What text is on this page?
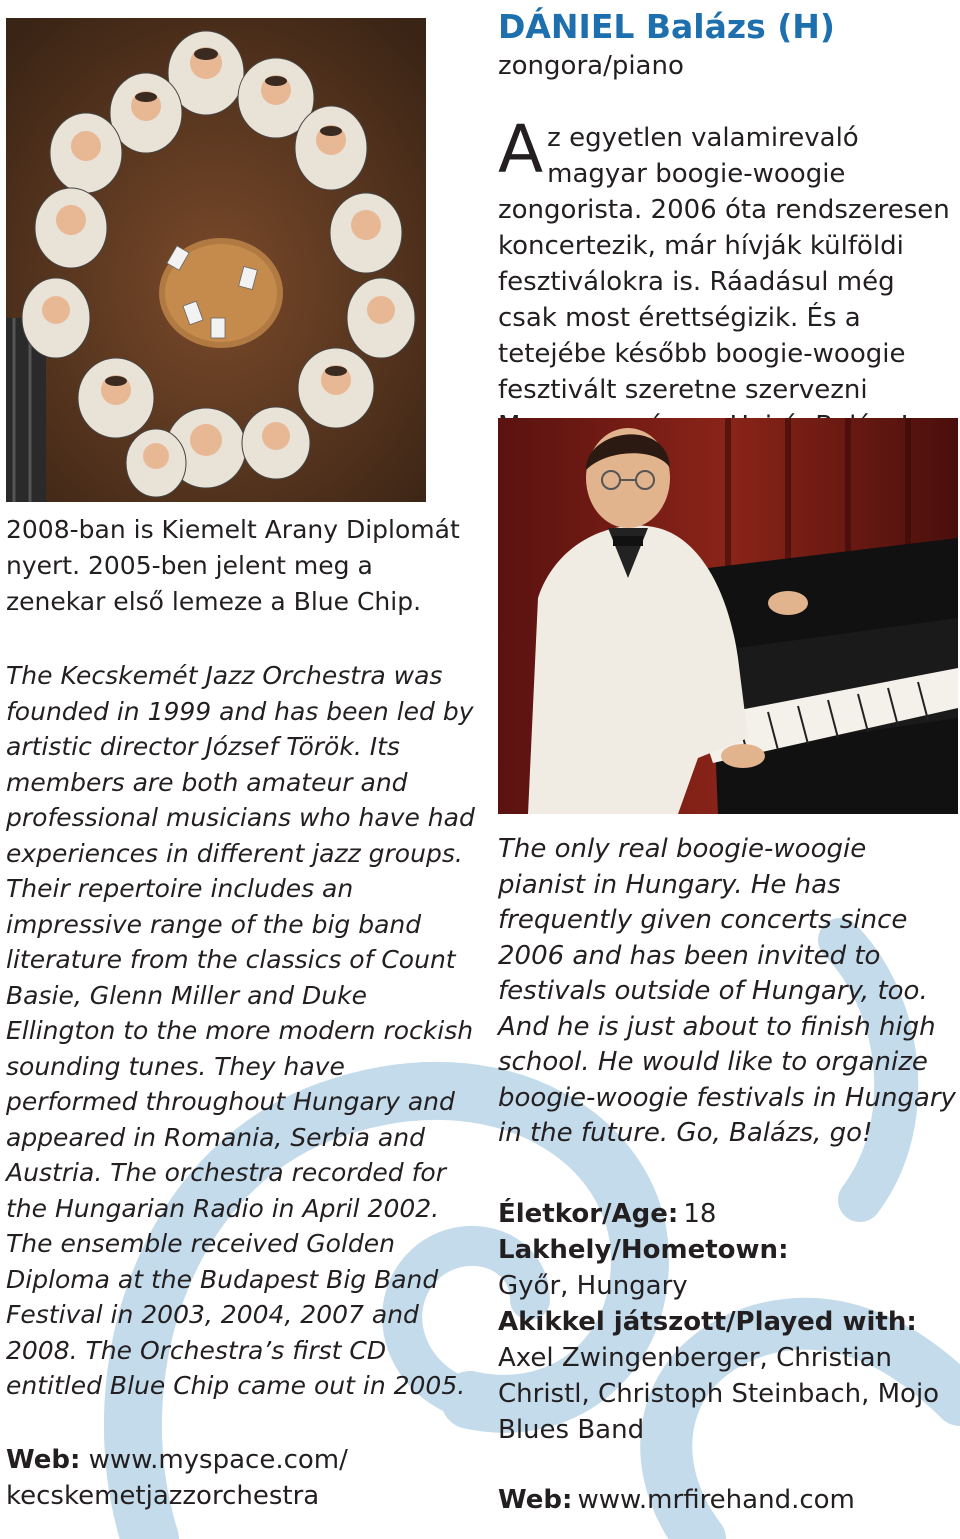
2008-ban is Kiemelt Arany Diplomát nyert. 2005-ben jelent meg a zenekar első lemeze a Blue Chip.
The Kecskemét Jazz Orchestra was founded in 1999 and has been led by artistic director József Török. Its members are both amateur and professional musicians who have had experiences in different jazz groups. Their repertoire includes an impressive range of the big band literature from the classics of Count Basie, Glenn Miller and Duke Ellington to the more modern rockish sounding tunes. They have performed throughout Hungary and appeared in Romania, Serbia and Austria. The orchestra recorded for the Hungarian Radio in April 2002. The ensemble received Golden Diploma at the Budapest Big Band Festival in 2003, 2004, 2007 and 2008. The Orchestra’s first CD entitled Blue Chip came out in 2005.
Web: www.myspace.com/ kecskemetjazzorchestra
DÁNIEL Balázs (H)
zongora/piano
Az egyetlen valamirevaló magyar boogie-woogie zongorista. 2006 óta rendszeresen koncertezik, már hívják külföldi fesztiválokra is. Ráadásul még csak most érettségizik. És a tetejébe később boogie-woogie fesztivált szeretne szervezni
The only real boogie-woogie pianist in Hungary. He has frequently given concerts since 2006 and has been invited to festivals outside of Hungary, too. And he is just about to finish high school. He would like to organize boogie-woogie festivals in Hungary in the future. Go, Balázs, go!
Életkor/Age: 18
Lakhely/Hometown:
Győr, Hungary
Akikkel játszott/Played with:
Axel Zwingenberger, Christian Christl, Christoph Steinbach, Mojo Blues Band
Web: www.mrfirehand.com
